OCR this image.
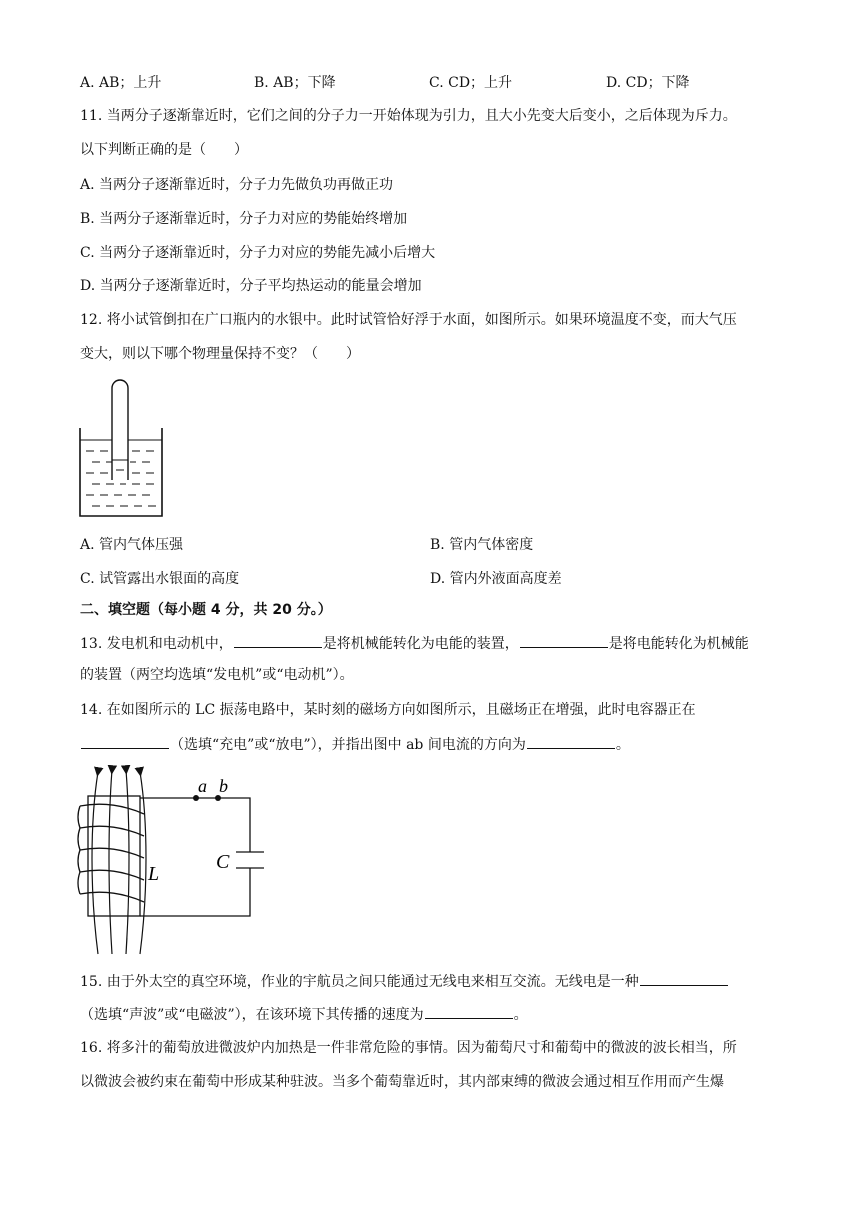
A. AB；上升	B. AB；下降	C. CD；上升	D. CD；下降
11. 当两分子逐渐靠近时，它们之间的分子力一开始体现为引力，且大小先变大后变小，之后体现为斥力。
以下判断正确的是（　　）
A. 当两分子逐渐靠近时，分子力先做负功再做正功
B. 当两分子逐渐靠近时，分子力对应的势能始终增加
C. 当两分子逐渐靠近时，分子力对应的势能先减小后增大
D. 当两分子逐渐靠近时，分子平均热运动的能量会增加
12. 将小试管倒扣在广口瓶内的水银中。此时试管恰好浮于水面，如图所示。如果环境温度不变，而大气压
变大，则以下哪个物理量保持不变？（　　）
A. 管内气体压强	B. 管内气体密度
C. 试管露出水银面的高度	D. 管内外液面高度差
二、填空题（每小题 4 分，共 20 分。）
13. 发电机和电动机中，	是将机械能转化为电能的装置，	是将电能转化为机械能
的装置（两空均选填“发电机”或“电动机”）。
14. 在如图所示的 LC 振荡电路中，某时刻的磁场方向如图所示，且磁场正在增强，此时电容器正在
（选填“充电”或“放电”），并指出图中 ab 间电流的方向为	。
a b
C
L
15. 由于外太空的真空环境，作业的宇航员之间只能通过无线电来相互交流。无线电是一种
（选填“声波”或“电磁波”），在该环境下其传播的速度为	。
16. 将多汁的葡萄放进微波炉内加热是一件非常危险的事情。因为葡萄尺寸和葡萄中的微波的波长相当，所
以微波会被约束在葡萄中形成某种驻波。当多个葡萄靠近时，其内部束缚的微波会通过相互作用而产生爆
